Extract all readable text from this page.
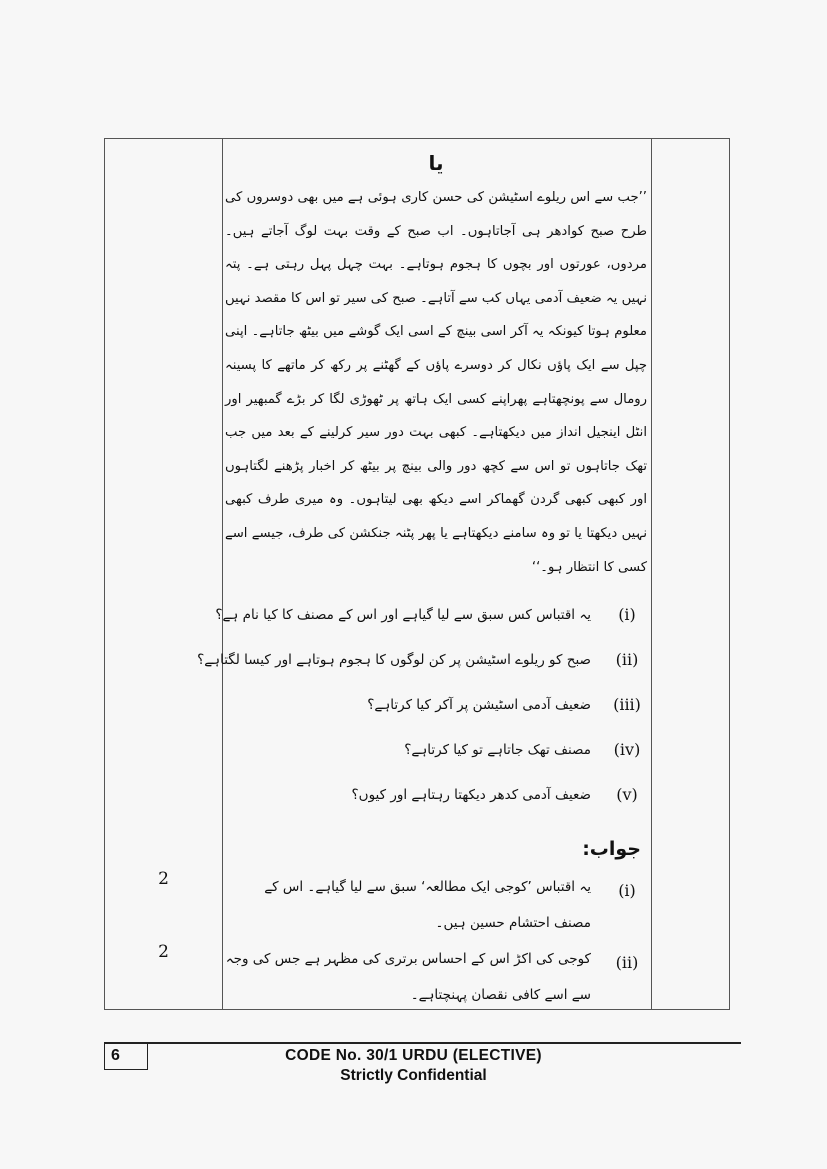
یا

’’جب سے اس ریلوے اسٹیشن کی حسن کاری ہوئی ہے میں بھی دوسروں کی طرح صبح کوادھر ہی آجاتاہوں۔ اب صبح کے وقت بہت لوگ آجاتے ہیں۔ مردوں، عورتوں اور بچوں کا ہجوم ہوتاہے۔ بہت چہل پہل رہتی ہے۔ پتہ نہیں یہ ضعیف آدمی یہاں کب سے آتاہے۔ صبح کی سیر تو اس کا مقصد نہیں معلوم ہوتا کیونکہ یہ آکر اسی بینچ کے اسی ایک گوشے میں بیٹھ جاتاہے۔ اپنی چپل سے ایک پاؤں نکال کر دوسرے پاؤں کے گھٹنے پر رکھ کر ماتھے کا پسینہ رومال سے پونچھتاہے پھراپنے کسی ایک ہاتھ پر ٹھوڑی لگا کر بڑے گمبھیر اور انٹل اینجیل انداز میں دیکھتاہے۔ کبھی بہت دور سیر کرلینے کے بعد میں جب تھک جاتاہوں تو اس سے کچھ دور والی بینچ پر بیٹھ کر اخبار پڑھنے لگتاہوں اور کبھی کبھی گردن گھماکر اسے دیکھ بھی لیتاہوں۔ وہ میری طرف کبھی نہیں دیکھتا یا تو وہ سامنے دیکھتاہے یا پھر پٹنہ جنکشن کی طرف، جیسے اسے کسی کا انتظار ہو۔‘‘

(i)
یہ اقتباس کس سبق سے لیا گیاہے اور اس کے مصنف کا کیا نام ہے؟
(ii)
صبح کو ریلوے اسٹیشن پر کن لوگوں کا ہجوم ہوتاہے اور کیسا لگتاہے؟
(iii)
ضعیف آدمی اسٹیشن پر آکر کیا کرتاہے؟
(iv)
مصنف تھک جاتاہے تو کیا کرتاہے؟
(v)
ضعیف آدمی کدھر دیکھتا رہتاہے اور کیوں؟
جواب:
(i)
یہ اقتباس ’کوجی ایک مطالعہ‘ سبق سے لیا گیاہے۔ اس کے مصنف احتشام حسین ہیں۔
(ii)
کوجی کی اکڑ اس کے احساس برتری کی مظہر ہے جس کی وجہ سے اسے کافی نقصان پہنچتاہے۔
2
2
6	CODE No. 30/1 URDU (ELECTIVE)
Strictly Confidential
